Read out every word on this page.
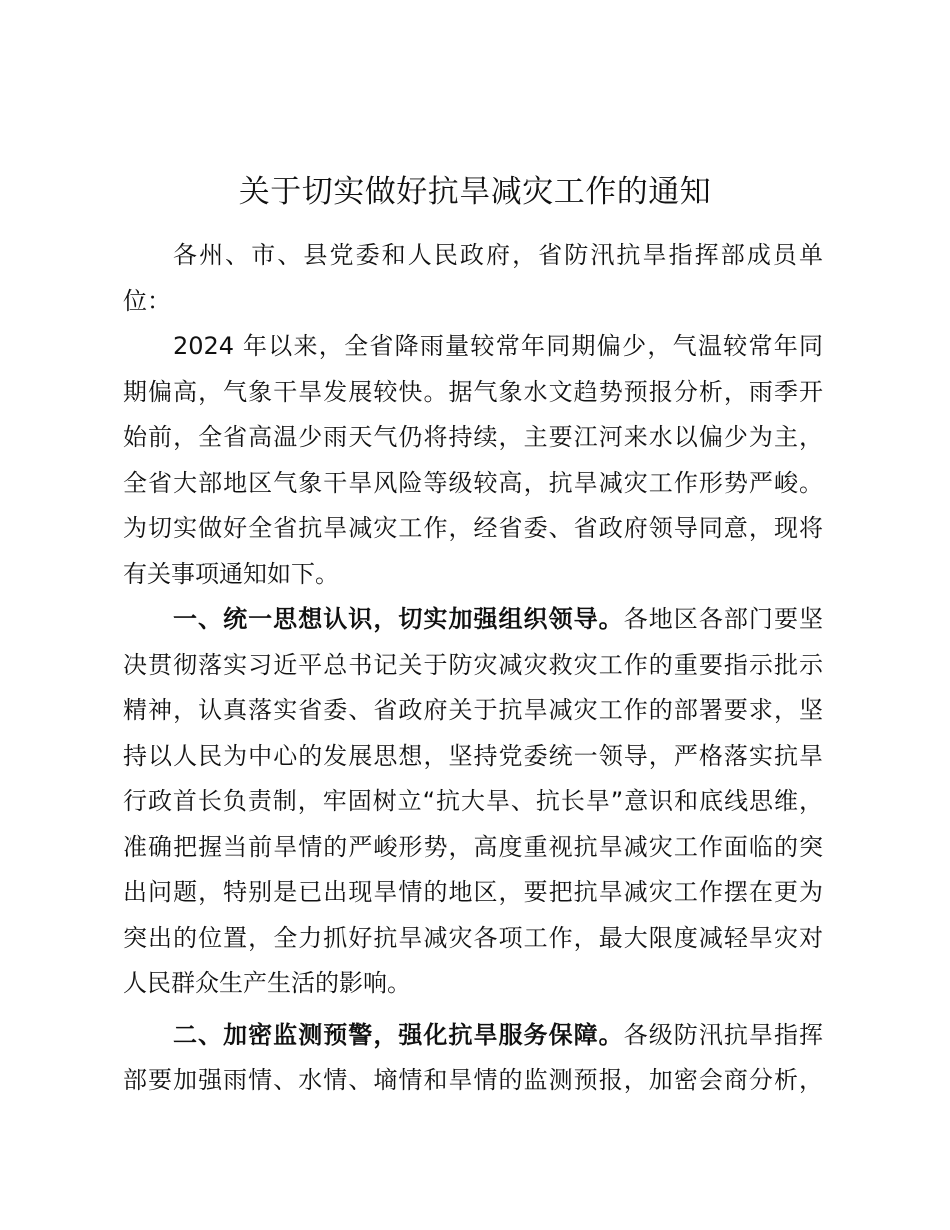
关于切实做好抗旱减灾工作的通知
各州、市、县党委和人民政府，省防汛抗旱指挥部成员单
位：
2024 年以来，全省降雨量较常年同期偏少，气温较常年同
期偏高，气象干旱发展较快。据气象水文趋势预报分析，雨季开
始前，全省高温少雨天气仍将持续，主要江河来水以偏少为主，
全省大部地区气象干旱风险等级较高，抗旱减灾工作形势严峻。
为切实做好全省抗旱减灾工作，经省委、省政府领导同意，现将
有关事项通知如下。
一、统一思想认识，切实加强组织领导。各地区各部门要坚
决贯彻落实习近平总书记关于防灾减灾救灾工作的重要指示批示
精神，认真落实省委、省政府关于抗旱减灾工作的部署要求，坚
持以人民为中心的发展思想，坚持党委统一领导，严格落实抗旱
行政首长负责制，牢固树立“抗大旱、抗长旱”意识和底线思维，
准确把握当前旱情的严峻形势，高度重视抗旱减灾工作面临的突
出问题，特别是已出现旱情的地区，要把抗旱减灾工作摆在更为
突出的位置，全力抓好抗旱减灾各项工作，最大限度减轻旱灾对
人民群众生产生活的影响。
二、加密监测预警，强化抗旱服务保障。各级防汛抗旱指挥
部要加强雨情、水情、墒情和旱情的监测预报，加密会商分析，
